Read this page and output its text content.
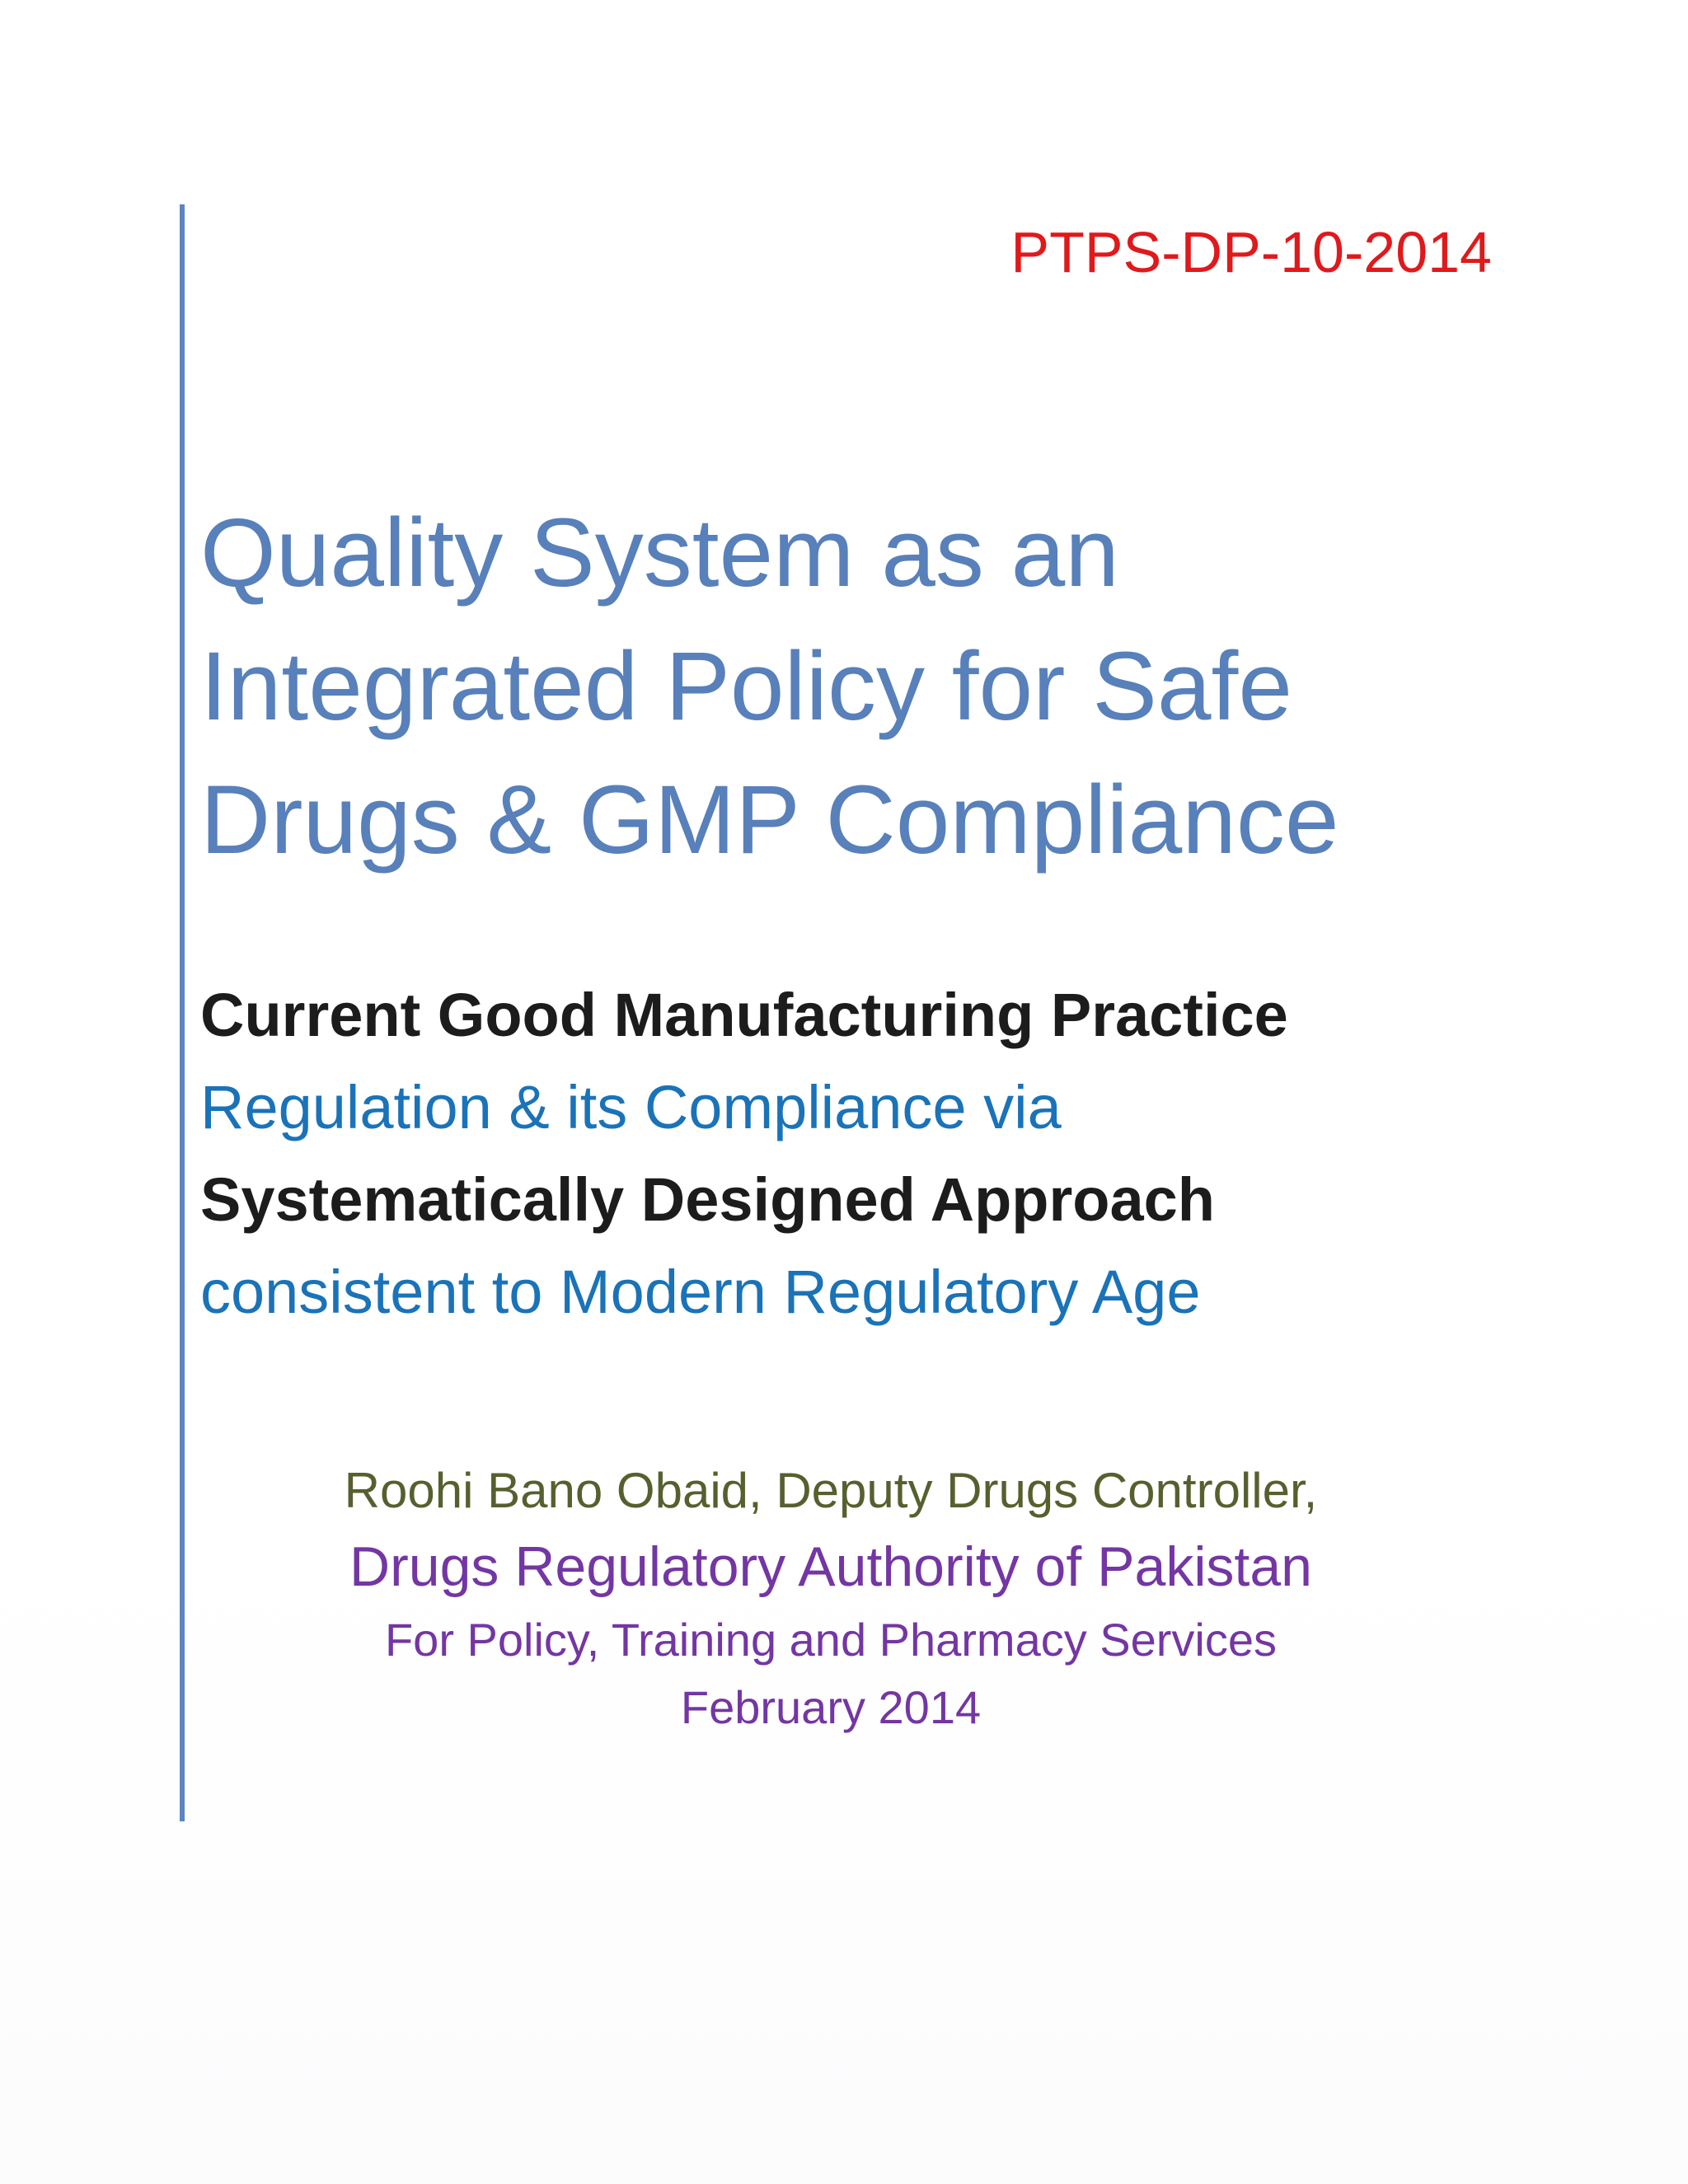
PTPS-DP-10-2014
Quality System as an
Integrated Policy for Safe
Drugs & GMP Compliance
Current Good Manufacturing Practice
Regulation & its Compliance via
Systematically Designed Approach
consistent to Modern Regulatory Age
Roohi Bano Obaid, Deputy Drugs Controller,
Drugs Regulatory Authority of Pakistan
For Policy, Training and Pharmacy Services
February 2014
